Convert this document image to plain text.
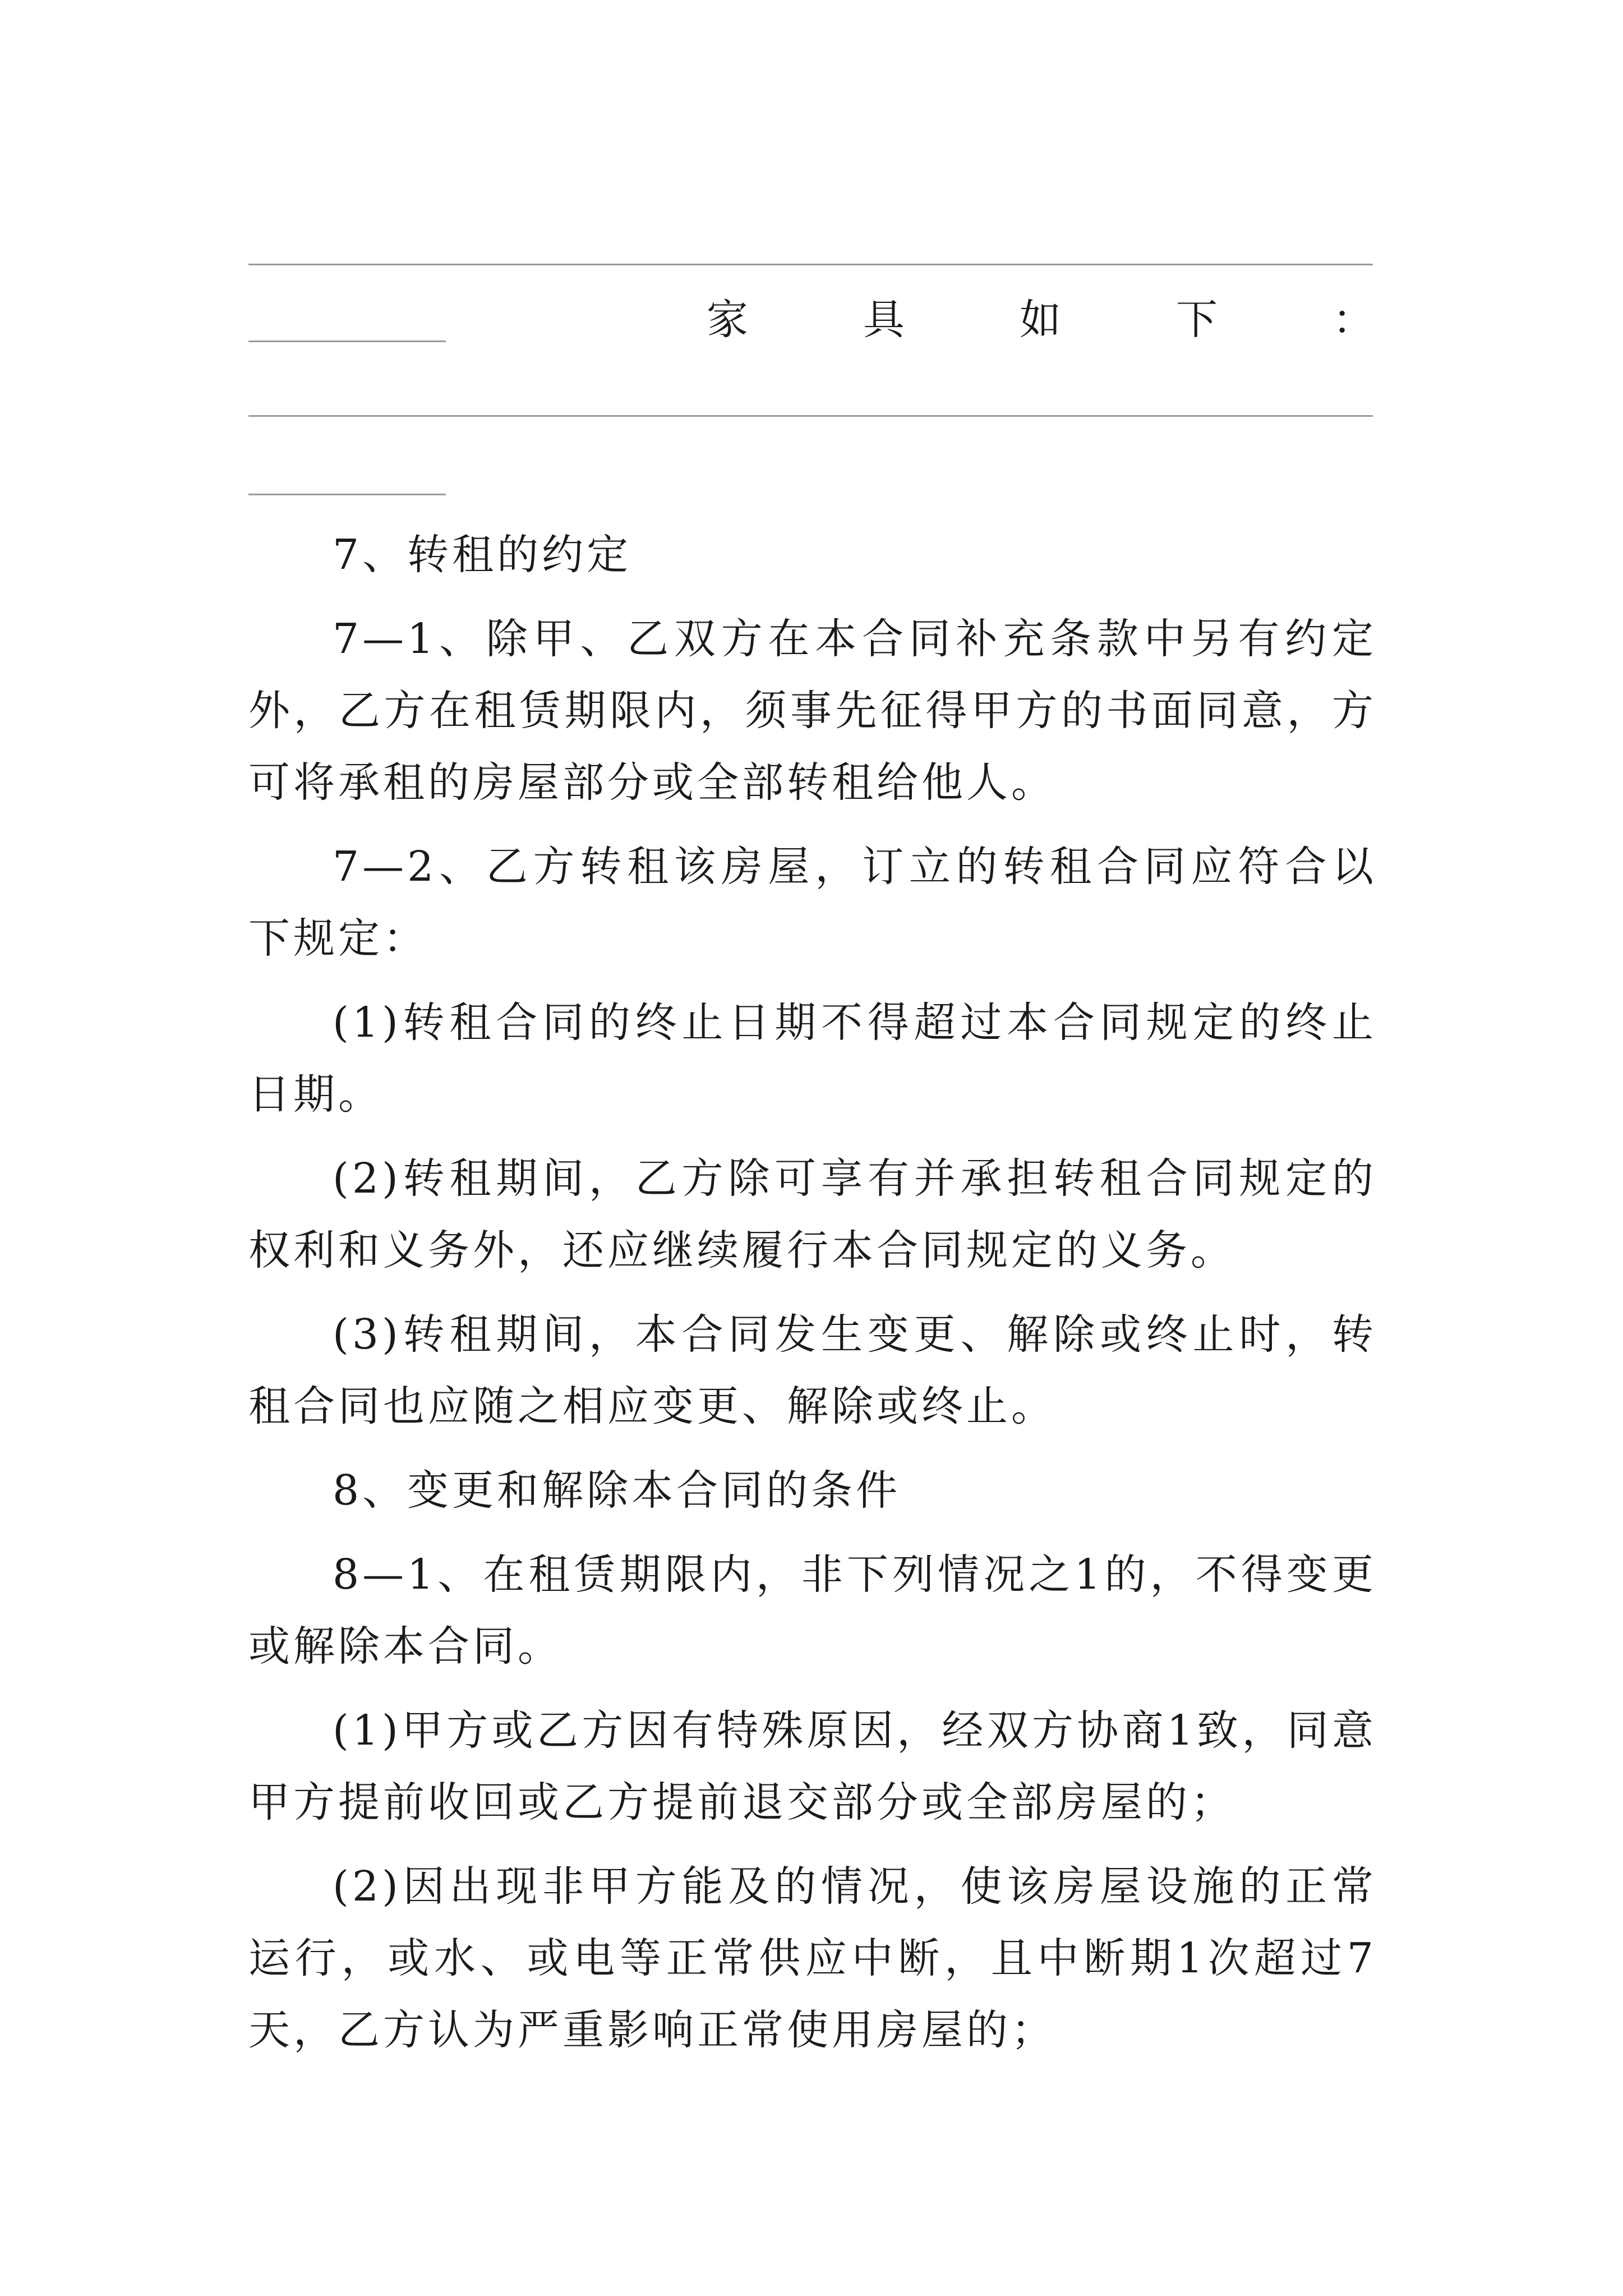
家	具	如	下	：

7、转租的约定

7—1、除甲、乙双方在本合同补充条款中另有约定外，乙方在租赁期限内，须事先征得甲方的书面同意，方可将承租的房屋部分或全部转租给他人。

7—2、乙方转租该房屋，订立的转租合同应符合以下规定：

(1)转租合同的终止日期不得超过本合同规定的终止日期。

(2)转租期间，乙方除可享有并承担转租合同规定的权利和义务外，还应继续履行本合同规定的义务。

(3)转租期间，本合同发生变更、解除或终止时，转租合同也应随之相应变更、解除或终止。

8、变更和解除本合同的条件

8—1、在租赁期限内，非下列情况之1的，不得变更或解除本合同。

(1)甲方或乙方因有特殊原因，经双方协商1致，同意甲方提前收回或乙方提前退交部分或全部房屋的；

(2)因出现非甲方能及的情况，使该房屋设施的正常运行，或水、或电等正常供应中断，且中断期1次超过7天，乙方认为严重影响正常使用房屋的；
